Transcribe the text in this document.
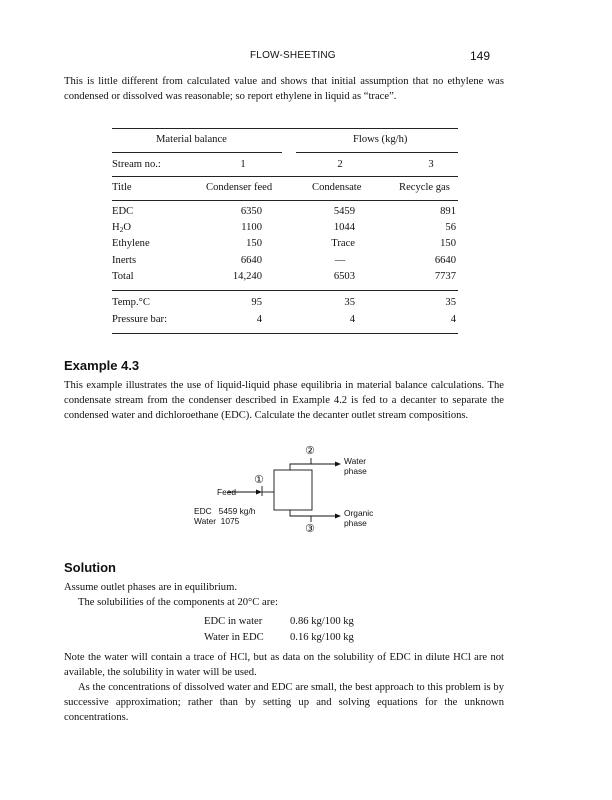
FLOW-SHEETING	149
This is little different from calculated value and shows that initial assumption that no ethylene was condensed or dissolved was reasonable; so report ethylene in liquid as “trace”.
Material balance	Flows (kg/h)
Stream no.:	1	2	3
Title	Condenser feed	Condensate	Recycle gas
EDC	6350	5459	891
$H_2O$	1100	1044	56
Ethylene	150	Trace	150
Inerts	6640	—	6640
Total	14,240	6503	7737
Temp.°C	95	35	35
Pressure bar:	4	4	4
Example 4.3
This example illustrates the use of liquid-liquid phase equilibria in material balance calculations. The condensate stream from the condenser described in Example 4.2 is fed to a decanter to separate the condensed water and dichloroethane (EDC). Calculate the decanter outlet stream compositions.
①
②
③
Feed
EDC   5459 kg/h
Water  1075
Water
phase
Organic
phase
Solution
Assume outlet phases are in equilibrium.
The solubilities of the components at 20°C are:
EDC in water	0.86 kg/100 kg
Water in EDC 0.16 kg/100 kg
Note the water will contain a trace of HCl, but as data on the solubility of EDC in dilute HCl are not available, the solubility in water will be used.
As the concentrations of dissolved water and EDC are small, the best approach to this problem is by successive approximation; rather than by setting up and solving equations for the unknown concentrations.
